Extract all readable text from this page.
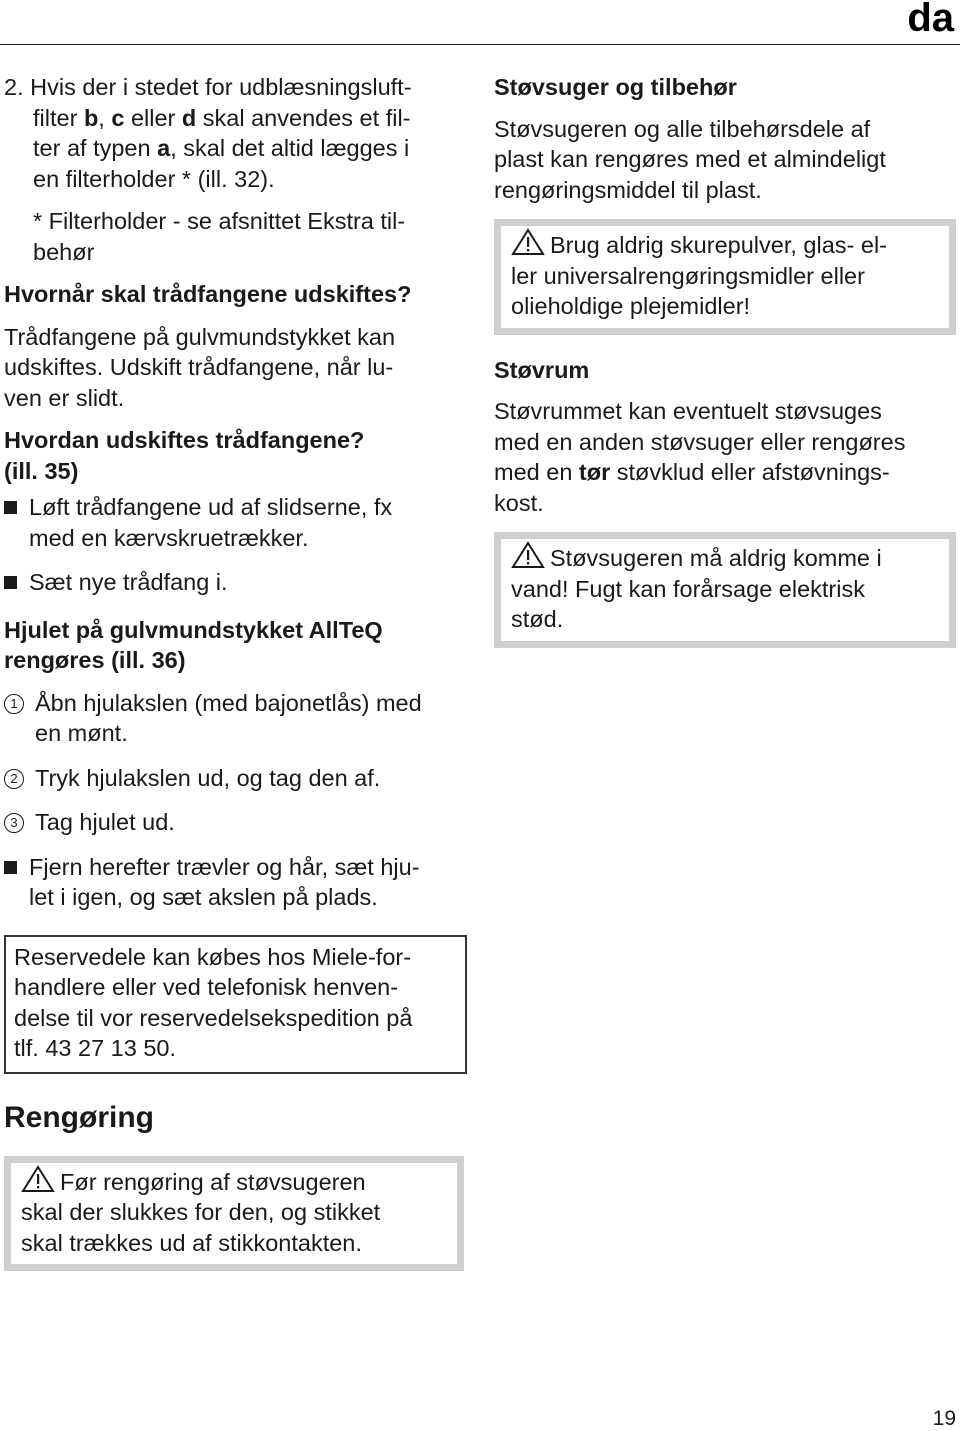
da

2. Hvis der i stedet for udblæsningsluft-

filter b, c eller d skal anvendes et fil-

ter af typen a, skal det altid lægges i

en filterholder * (ill. 32).

* Filterholder - se afsnittet Ekstra til-

behør

Hvornår skal trådfangene udskiftes?

Trådfangene på gulvmundstykket kan

udskiftes. Udskift trådfangene, når lu-

ven er slidt.

Hvordan udskiftes trådfangene?

(ill. 35)

Løft trådfangene ud af slidserne, fx

med en kærvskruetrækker.

Sæt nye trådfang i.

Hjulet på gulvmundstykket AllTeQ

rengøres (ill. 36)

1 Åbn hjulakslen (med bajonetlås) med

en mønt.

2 Tryk hjulakslen ud, og tag den af.

3 Tag hjulet ud.

Fjern herefter trævler og hår, sæt hju-

let i igen, og sæt akslen på plads.

Reservedele kan købes hos Miele-for-

handlere eller ved telefonisk henven-

delse til vor reservedelsekspedition på

tlf. 43 27 13 50.

Rengøring

Før rengøring af støvsugeren

skal der slukkes for den, og stikket

skal trækkes ud af stikkontakten.

Støvsuger og tilbehør

Støvsugeren og alle tilbehørsdele af

plast kan rengøres med et almindeligt

rengøringsmiddel til plast.

Brug aldrig skurepulver, glas- el-

ler universalrengøringsmidler eller

olieholdige plejemidler!

Støvrum

Støvrummet kan eventuelt støvsuges

med en anden støvsuger eller rengøres

med en tør støvklud eller afstøvnings-

kost.

Støvsugeren må aldrig komme i

vand! Fugt kan forårsage elektrisk

stød.

19
